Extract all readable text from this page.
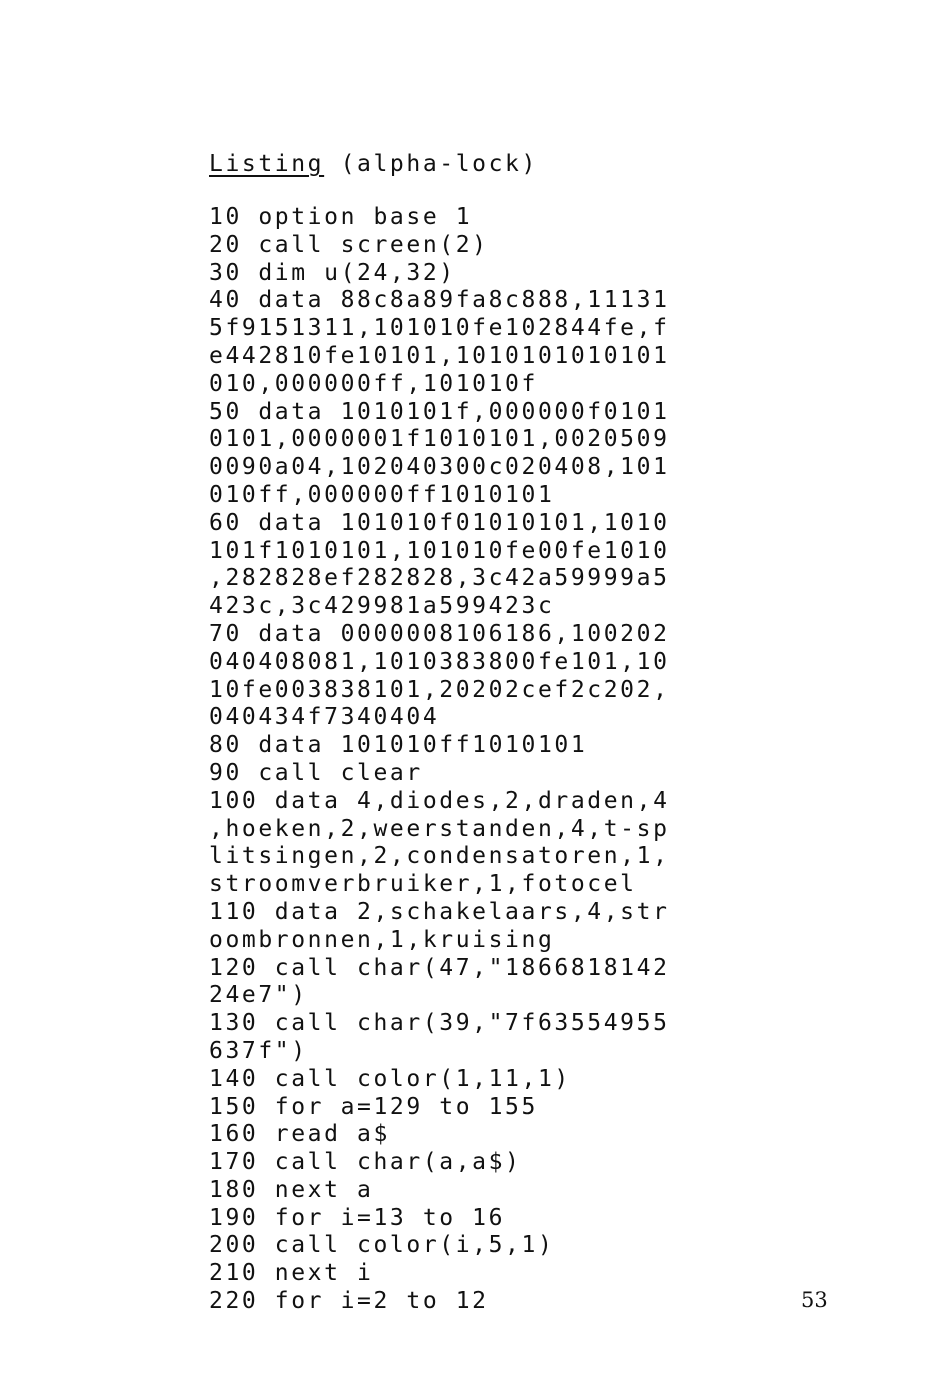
Listing (alpha-lock)
10 option base 1
20 call screen(2)
30 dim u(24,32)
40 data 88c8a89fa8c888,11131
5f9151311,101010fe102844fe,f
e442810fe10101,1010101010101
010,000000ff,101010f
50 data 1010101f,000000f0101
0101,0000001f1010101,0020509
0090a04,102040300c020408,101
010ff,000000ff1010101
60 data 101010f01010101,1010
101f1010101,101010fe00fe1010
,282828ef282828,3c42a59999a5
423c,3c429981a599423c
70 data 0000008106186,100202
040408081,1010383800fe101,10
10fe003838101,20202cef2c202,
040434f7340404
80 data 101010ff1010101
90 call clear
100 data 4,diodes,2,draden,4
,hoeken,2,weerstanden,4,t-sp
litsingen,2,condensatoren,1,
stroomverbruiker,1,fotocel
110 data 2,schakelaars,4,str
oombronnen,1,kruising
120 call char(47,"1866818142
24e7")
130 call char(39,"7f63554955
637f")
140 call color(1,11,1)
150 for a=129 to 155
160 read a$
170 call char(a,a$)
180 next a
190 for i=13 to 16
200 call color(i,5,1)
210 next i
220 for i=2 to 12	53
